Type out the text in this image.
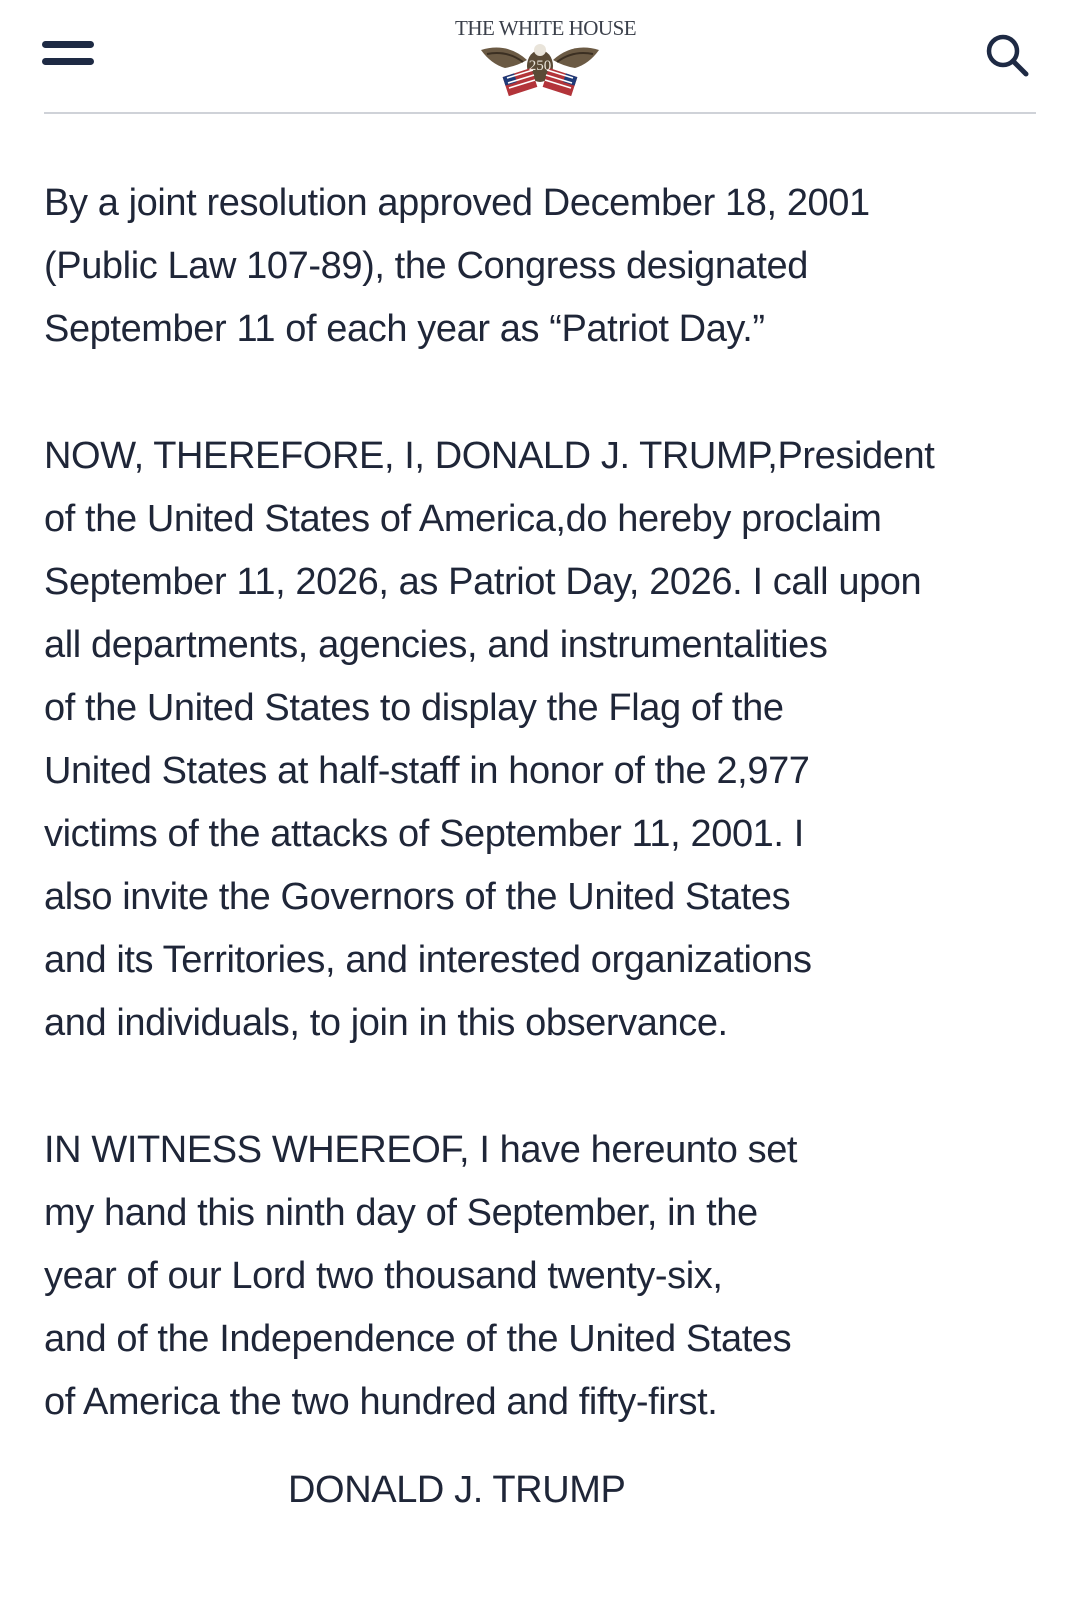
THE WHITE HOUSE
250

By a joint resolution approved December 18, 2001
(Public Law 107-89), the Congress designated
September 11 of each year as “Patriot Day.”

NOW, THEREFORE, I, DONALD J. TRUMP,President
of the United States of America,do hereby proclaim
September 11, 2026, as Patriot Day, 2026. I call upon
all departments, agencies, and instrumentalities
of the United States to display the Flag of the
United States at half-staff in honor of the 2,977
victims of the attacks of September 11, 2001. I
also invite the Governors of the United States
and its Territories, and interested organizations
and individuals, to join in this observance.

IN WITNESS WHEREOF, I have hereunto set
my hand this ninth day of September, in the
year of our Lord two thousand twenty-six,
and of the Independence of the United States
of America the two hundred and fifty-first.

DONALD J. TRUMP
